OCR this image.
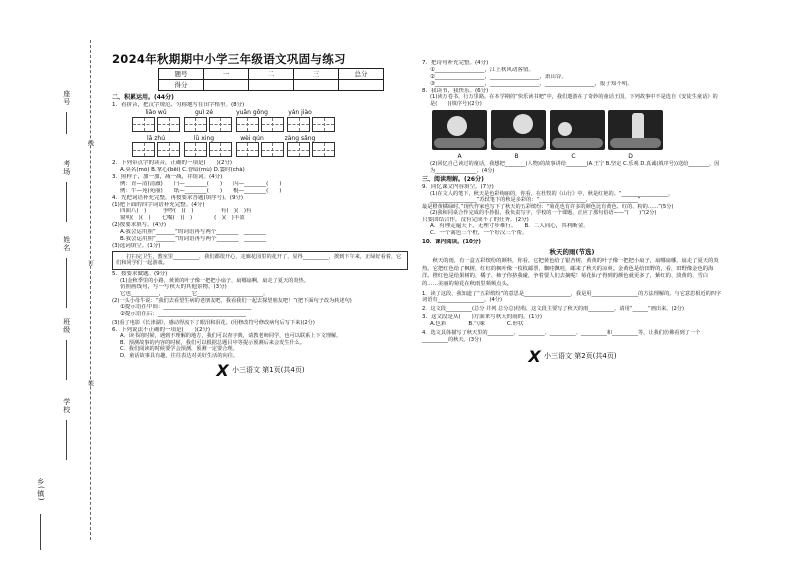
座号
考场
姓名
班级
学校
乡(镇)
线
订
装
2024年秋期期中小学三年级语文巩固与练习
题号	一	二	三	总分
得分				
二、积累运用。(44分)
1．看拼音，把汉字规范、匀称地写在田字格里。(8分)
liǎo wǔ	guì zé	yuān gōng	yán jiào

lā zhú	lǜ xing	wèi qún	zàng sǎng

2．下列带点字的读音，正确的一项是(　　)(2分)
A.莫名(mò) B.掌心(bēi) C.昏暗(mù) D.霎时(chà)
3．照样子，加一加，减一减，并组词。(4分)
例：青—清(清澈)　　闩—________(　　)　　闪—________(　　)
例：牛—苑(苑丽)　　纸—________(　　)　　棍—________(　　)
4．先把词语补充完整，再按要求答题(填序号)。(9分)
(1)把下面的四字词语补充完整。(4分)
四面八(　)　　　争吵(　)(　)　　　　　有(　)(　)有
窗明(　)(　)　　七嘴(　)(　)　　　　(　)(　)丰盈
(2)按要求填写。(4分)
A.我会运用照“_______”的词语再写两个________　________
B.我会运用照“_______”的词语再写两个________　________
(3)选词填空。(1分)
　　打扫完卫生，教室里__________，我们都很开心，走廊花园里的花开了，显得__________，挨到下午来，正绿好看着，它们和同学们一起游戏。
5．按要求做题。(9分)
(1)金秋季里的小路，黄黄的叶子像一把把小扇子，扇哪扇啊，扇走了夏天的炎热。
仿照画线句，写一写秋天的其他景物。(3分)
它也__________，__________它________________________。
(2)一头小母牛说：“我们去看望生病的老朋友吧，我看我们一起去探望朋友吧！”(把下面句子改为转述句)
①提示语在中间：________________________________
②提示语在后：________________________________
(3)看了电影《长津湖》，感动得流下了眼泪和泪花。(用修改符号修改病句后写下来)(2分)
6．下列说法不正确的一项是(　　)(2分)
A．读书的时候，遇到不理解的地方，我们可以查字典，请教老师同学，也可以联系上下文理解。
B．预测故事的内容的时候，我们可以根据总题目中等提示预测后来会发生什么。
C．我们阅读的时候要学会预测，预测一定要合理。
D．童话故事具有趣，往往表达对美好生活的向往。
X 小三语文 第1页(共4页)
7．把诗句补充完整。(4分)
①__________________，江上秋风动客情。
②__________________，__________________，萧山谷。
③__________________，__________________，__________________，报子知不明。
8．我读书，我快乐。(6分)
(1)读万卷书，行万里路。在本学期的“快乐读书吧”中，我们遨游在了奇妙的童话王国，下列故事中不是选自《安徒生童话》的是(　　)(填序号)(2分)

A	B	C	D
(2)回忆自己读过的童话，我想把________(人物)的故事讲给________(A.王宁 B.坚定 C.乐观 D.真诚(填序号))送给________，因为________________。(4分)
三、阅读理解。(26分)
9．回忆课文内容填空。(7分)
(1)在文人的笔下，秋天是色彩绚丽的，你看，在杜牧的《山行》中，秋是红艳的。“__________________，__________________”苏轼笔下的秋是多彩的：“__________________，__________________”
最是橙黄橘绿时。”现代作家也写下了秋天的五彩缤纷：“菊花也有许多的颜色比有黄色、红的、粉的……”(5分)
(2)我和同桌合作完成的手抄报，我负责写字，学校的一个课题，正应了那句俗语——“(　　)”(2分)
只要团结合作，没有完成不了的任务。(2分)
A．有理走遍天下，无理寸步难行。　　B．二人同心，其利断金。
C．一个篱笆三个桩，一个好汉三个帮。
10．课内阅读。(10分)
秋天的雨(节选)
　　秋天的雨，有一盒五彩缤纷的颜料，你看，它把黄色给了银杏树，黄黄的叶子像一把把小扇子，扇哪扇哪，扇走了夏天的炎热。它把红色给了枫树，红红的枫叶像一枚枚邮票，飘哇飘哇，邮来了秋天的凉爽。金黄色是给田野的，看，田野像金色的海洋。橙红色是给果树的，橘子、柿子你挤我碰，争着要人们去摘呢！菊花仙子得到的颜色就更多了，紫红的、淡黄的、雪白的……美丽的菊花在秋雨里频频点头。
1．读了这段，我知道了“五彩缤纷”的意思是__________________，我是用__________________的方法理解的。与它意思相近的四字词语有__________________。(4分)
2．这文段__________(总分 并列 总分总)结构，这文段主要写了秋天的雨__________。请用“______”画出来。(2分)
3．这文段是从(　　)方面来写秋天的雨的。(1分)
A.色彩　　　　B.气味　　　　C.形状
4．选文具体描写了秋天里的__________、__________、__________、__________和__________等，让我们仿佛看到了一个__________的秋天。(3分)
X 小三语文 第2页(共4页)
